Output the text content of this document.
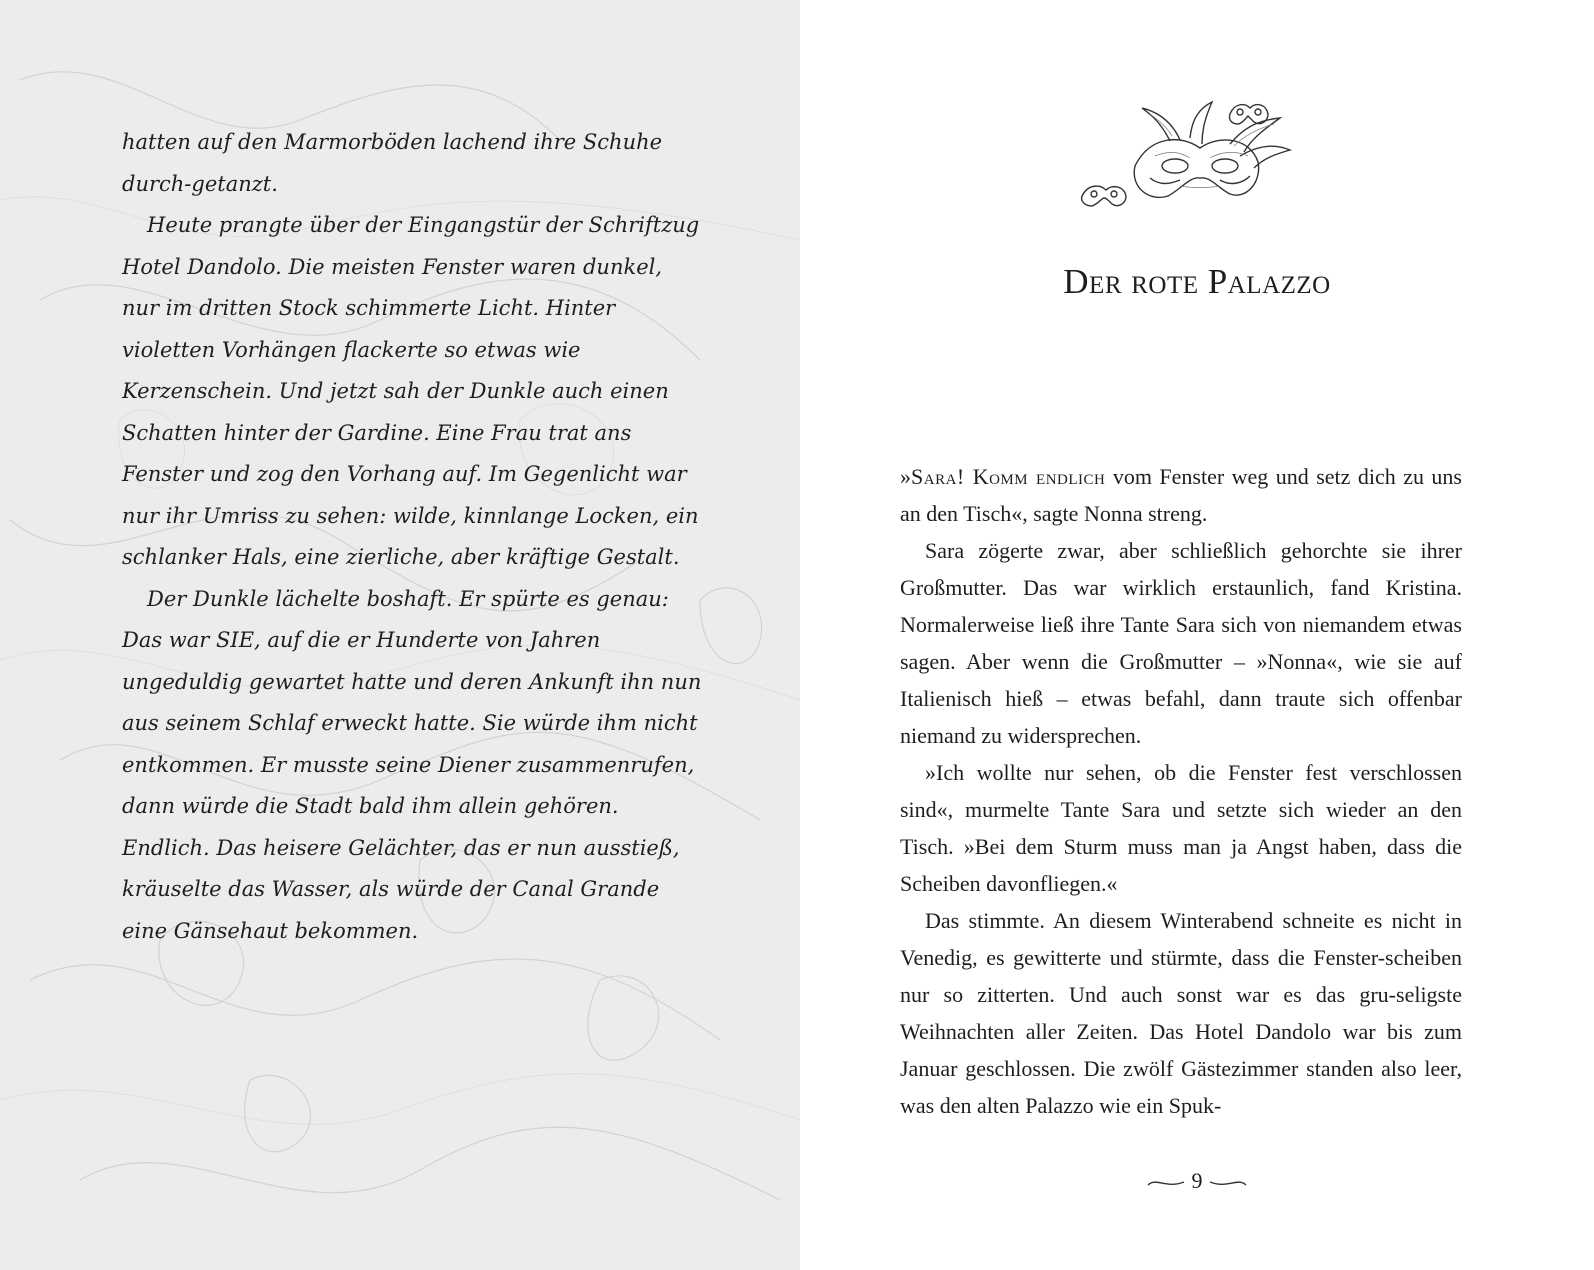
hatten auf den Marmorböden lachend ihre Schuhe durch-getanzt.

Heute prangte über der Eingangstür der Schriftzug Hotel Dandolo. Die meisten Fenster waren dunkel, nur im dritten Stock schimmerte Licht. Hinter violetten Vorhängen flackerte so etwas wie Kerzenschein. Und jetzt sah der Dunkle auch einen Schatten hinter der Gardine. Eine Frau trat ans Fenster und zog den Vorhang auf. Im Gegenlicht war nur ihr Umriss zu sehen: wilde, kinnlange Locken, ein schlanker Hals, eine zierliche, aber kräftige Gestalt.

Der Dunkle lächelte boshaft. Er spürte es genau: Das war SIE, auf die er Hunderte von Jahren ungeduldig gewartet hatte und deren Ankunft ihn nun aus seinem Schlaf erweckt hatte. Sie würde ihm nicht entkommen. Er musste seine Diener zusammenrufen, dann würde die Stadt bald ihm allein gehören. Endlich. Das heisere Gelächter, das er nun ausstieß, kräuselte das Wasser, als würde der Canal Grande eine Gänsehaut bekommen.

Der rote Palazzo

»Sara! Komm endlich vom Fenster weg und setz dich zu uns an den Tisch«, sagte Nonna streng.

Sara zögerte zwar, aber schließlich gehorchte sie ihrer Großmutter. Das war wirklich erstaunlich, fand Kristina. Normalerweise ließ ihre Tante Sara sich von niemandem etwas sagen. Aber wenn die Großmutter – »Nonna«, wie sie auf Italienisch hieß – etwas befahl, dann traute sich offenbar niemand zu widersprechen.

»Ich wollte nur sehen, ob die Fenster fest verschlossen sind«, murmelte Tante Sara und setzte sich wieder an den Tisch. »Bei dem Sturm muss man ja Angst haben, dass die Scheiben davonfliegen.«

Das stimmte. An diesem Winterabend schneite es nicht in Venedig, es gewitterte und stürmte, dass die Fenster-scheiben nur so zitterten. Und auch sonst war es das gru-seligste Weihnachten aller Zeiten. Das Hotel Dandolo war bis zum Januar geschlossen. Die zwölf Gästezimmer standen also leer, was den alten Palazzo wie ein Spuk-

9
